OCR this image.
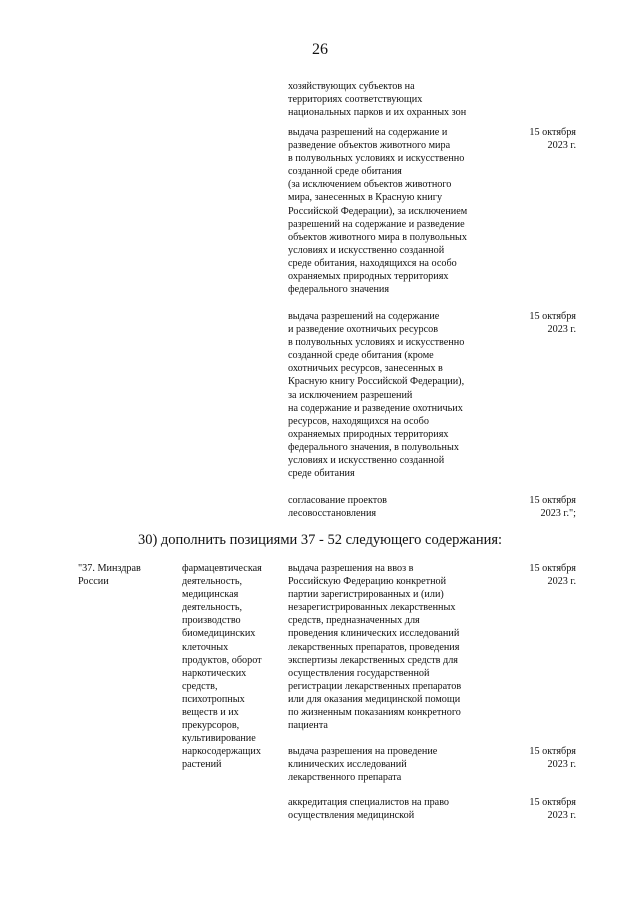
26
хозяйствующих субъектов на
территориях соответствующих
национальных парков и их охранных зон
выдача разрешений на содержание и
разведение объектов животного мира
в полувольных условиях и искусственно
созданной среде обитания
(за исключением объектов животного
мира, занесенных в Красную книгу
Российской Федерации), за исключением
разрешений на содержание и разведение
объектов животного мира в полувольных
условиях и искусственно созданной
среде обитания, находящихся на особо
охраняемых природных территориях
федерального значения
15 октября
2023 г.
выдача разрешений на содержание
и разведение охотничьих ресурсов
в полувольных условиях и искусственно
созданной среде обитания (кроме
охотничьих ресурсов, занесенных в
Красную книгу Российской Федерации),
за исключением разрешений
на содержание и разведение охотничьих
ресурсов, находящихся на особо
охраняемых природных территориях
федерального значения, в полувольных
условиях и искусственно созданной
среде обитания
15 октября
2023 г.
согласование проектов
лесовосстановления
15 октября
2023 г.";
30) дополнить позициями 37 - 52 следующего содержания:
"37. Минздрав
России
фармацевтическая
деятельность,
медицинская
деятельность,
производство
биомедицинских
клеточных
продуктов, оборот
наркотических
средств,
психотропных
веществ и их
прекурсоров,
культивирование
наркосодержащих
растений
выдача разрешения на ввоз в
Российскую Федерацию конкретной
партии зарегистрированных и (или)
незарегистрированных лекарственных
средств, предназначенных для
проведения клинических исследований
лекарственных препаратов, проведения
экспертизы лекарственных средств для
осуществления государственной
регистрации лекарственных препаратов
или для оказания медицинской помощи
по жизненным показаниям конкретного
пациента
15 октября
2023 г.
выдача разрешения на проведение
клинических исследований
лекарственного препарата
15 октября
2023 г.
аккредитация специалистов на право
осуществления медицинской
15 октября
2023 г.
